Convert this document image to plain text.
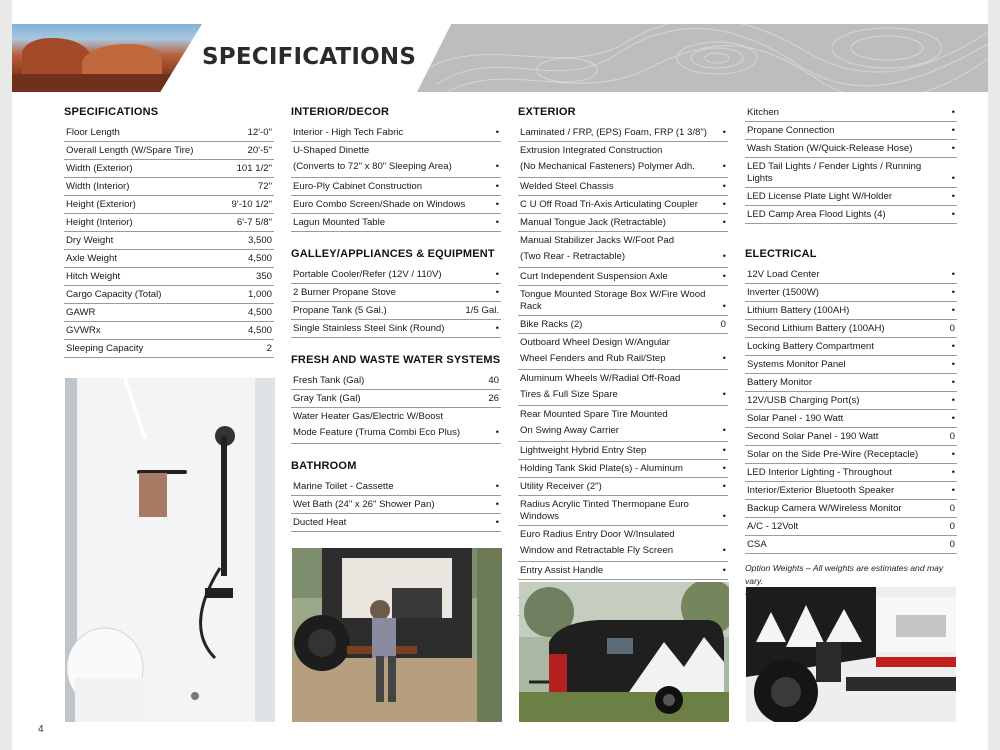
SPECIFICATIONS
SPECIFICATIONS
Floor Length	12'-0"
Overall Length (W/Spare Tire)	20'-5"
Width (Exterior)	101 1/2"
Width (Interior)	72"
Height (Exterior)	9'-10 1/2"
Height (Interior)	6'-7 5/8"
Dry Weight	3,500
Axle Weight	4,500
Hitch Weight	350
Cargo Capacity (Total)	1,000
GAWR	4,500
GVWRx	4,500
Sleeping Capacity	2
INTERIOR/DECOR
Interior - High Tech Fabric	•
U-Shaped Dinette
(Converts to 72" x 80" Sleeping Area)	•
Euro-Ply Cabinet Construction	•
Euro Combo Screen/Shade on Windows	•
Lagun Mounted Table	•
GALLEY/APPLIANCES & EQUIPMENT
Portable Cooler/Refer (12V / 110V)	•
2 Burner Propane Stove	•
Propane Tank (5 Gal.)	1/5 Gal.
Single Stainless Steel Sink (Round)	•
FRESH AND WASTE WATER SYSTEMS
Fresh Tank (Gal)	40
Gray Tank (Gal)	26
Water Heater Gas/Electric W/Boost
Mode Feature (Truma Combi Eco Plus)	•
BATHROOM
Marine Toilet - Cassette	•
Wet Bath (24" x 26" Shower Pan)	•
Ducted Heat	•
EXTERIOR
Laminated / FRP, (EPS) Foam, FRP (1 3/8")	•
Extrusion Integrated Construction
(No Mechanical Fasteners) Polymer Adh.	•
Welded Steel Chassis	•
C U Off Road Tri-Axis Articulating Coupler	•
Manual Tongue Jack (Retractable)	•
Manual Stabilizer Jacks W/Foot Pad
(Two Rear - Retractable)	•
Curt Independent Suspension Axle	•
Tongue Mounted Storage Box W/Fire Wood Rack	•
Bike Racks (2)	0
Outboard Wheel Design W/Angular
Wheel Fenders and Rub Rail/Step	•
Aluminum Wheels W/Radial Off-Road
Tires & Full Size Spare	•
Rear Mounted Spare Tire Mounted
On Swing Away Carrier	•
Lightweight Hybrid Entry Step	•
Holding Tank Skid Plate(s) - Aluminum	•
Utility Receiver (2")	•
Radius Acrylic Tinted Thermopane Euro Windows	•
Euro Radius Entry Door W/Insulated
Window and Retractable Fly Screen	•
Entry Assist Handle	•
Kitchen	•
Propane Connection	•
Wash Station (W/Quick-Release Hose)	•
LED Tail Lights / Fender Lights / Running Lights	•
LED License Plate Light W/Holder	•
LED Camp Area Flood Lights (4)	•
ELECTRICAL
12V Load Center	•
Inverter (1500W)	•
Lithium Battery (100AH)	•
Second Lithium Battery (100AH)	0
Locking Battery Compartment	•
Systems Monitor Panel	•
Battery Monitor	•
12V/USB Charging Port(s)	•
Solar Panel - 190 Watt	•
Second Solar Panel - 190 Watt	0
Solar on the Side Pre-Wire (Receptacle)	•
LED Interior Lighting - Throughout	•
Interior/Exterior Bluetooth Speaker	•
Backup Camera W/Wireless Monitor	0
A/C - 12Volt	0
CSA	0
Option Weights – All weights are estimates and may vary.
4
